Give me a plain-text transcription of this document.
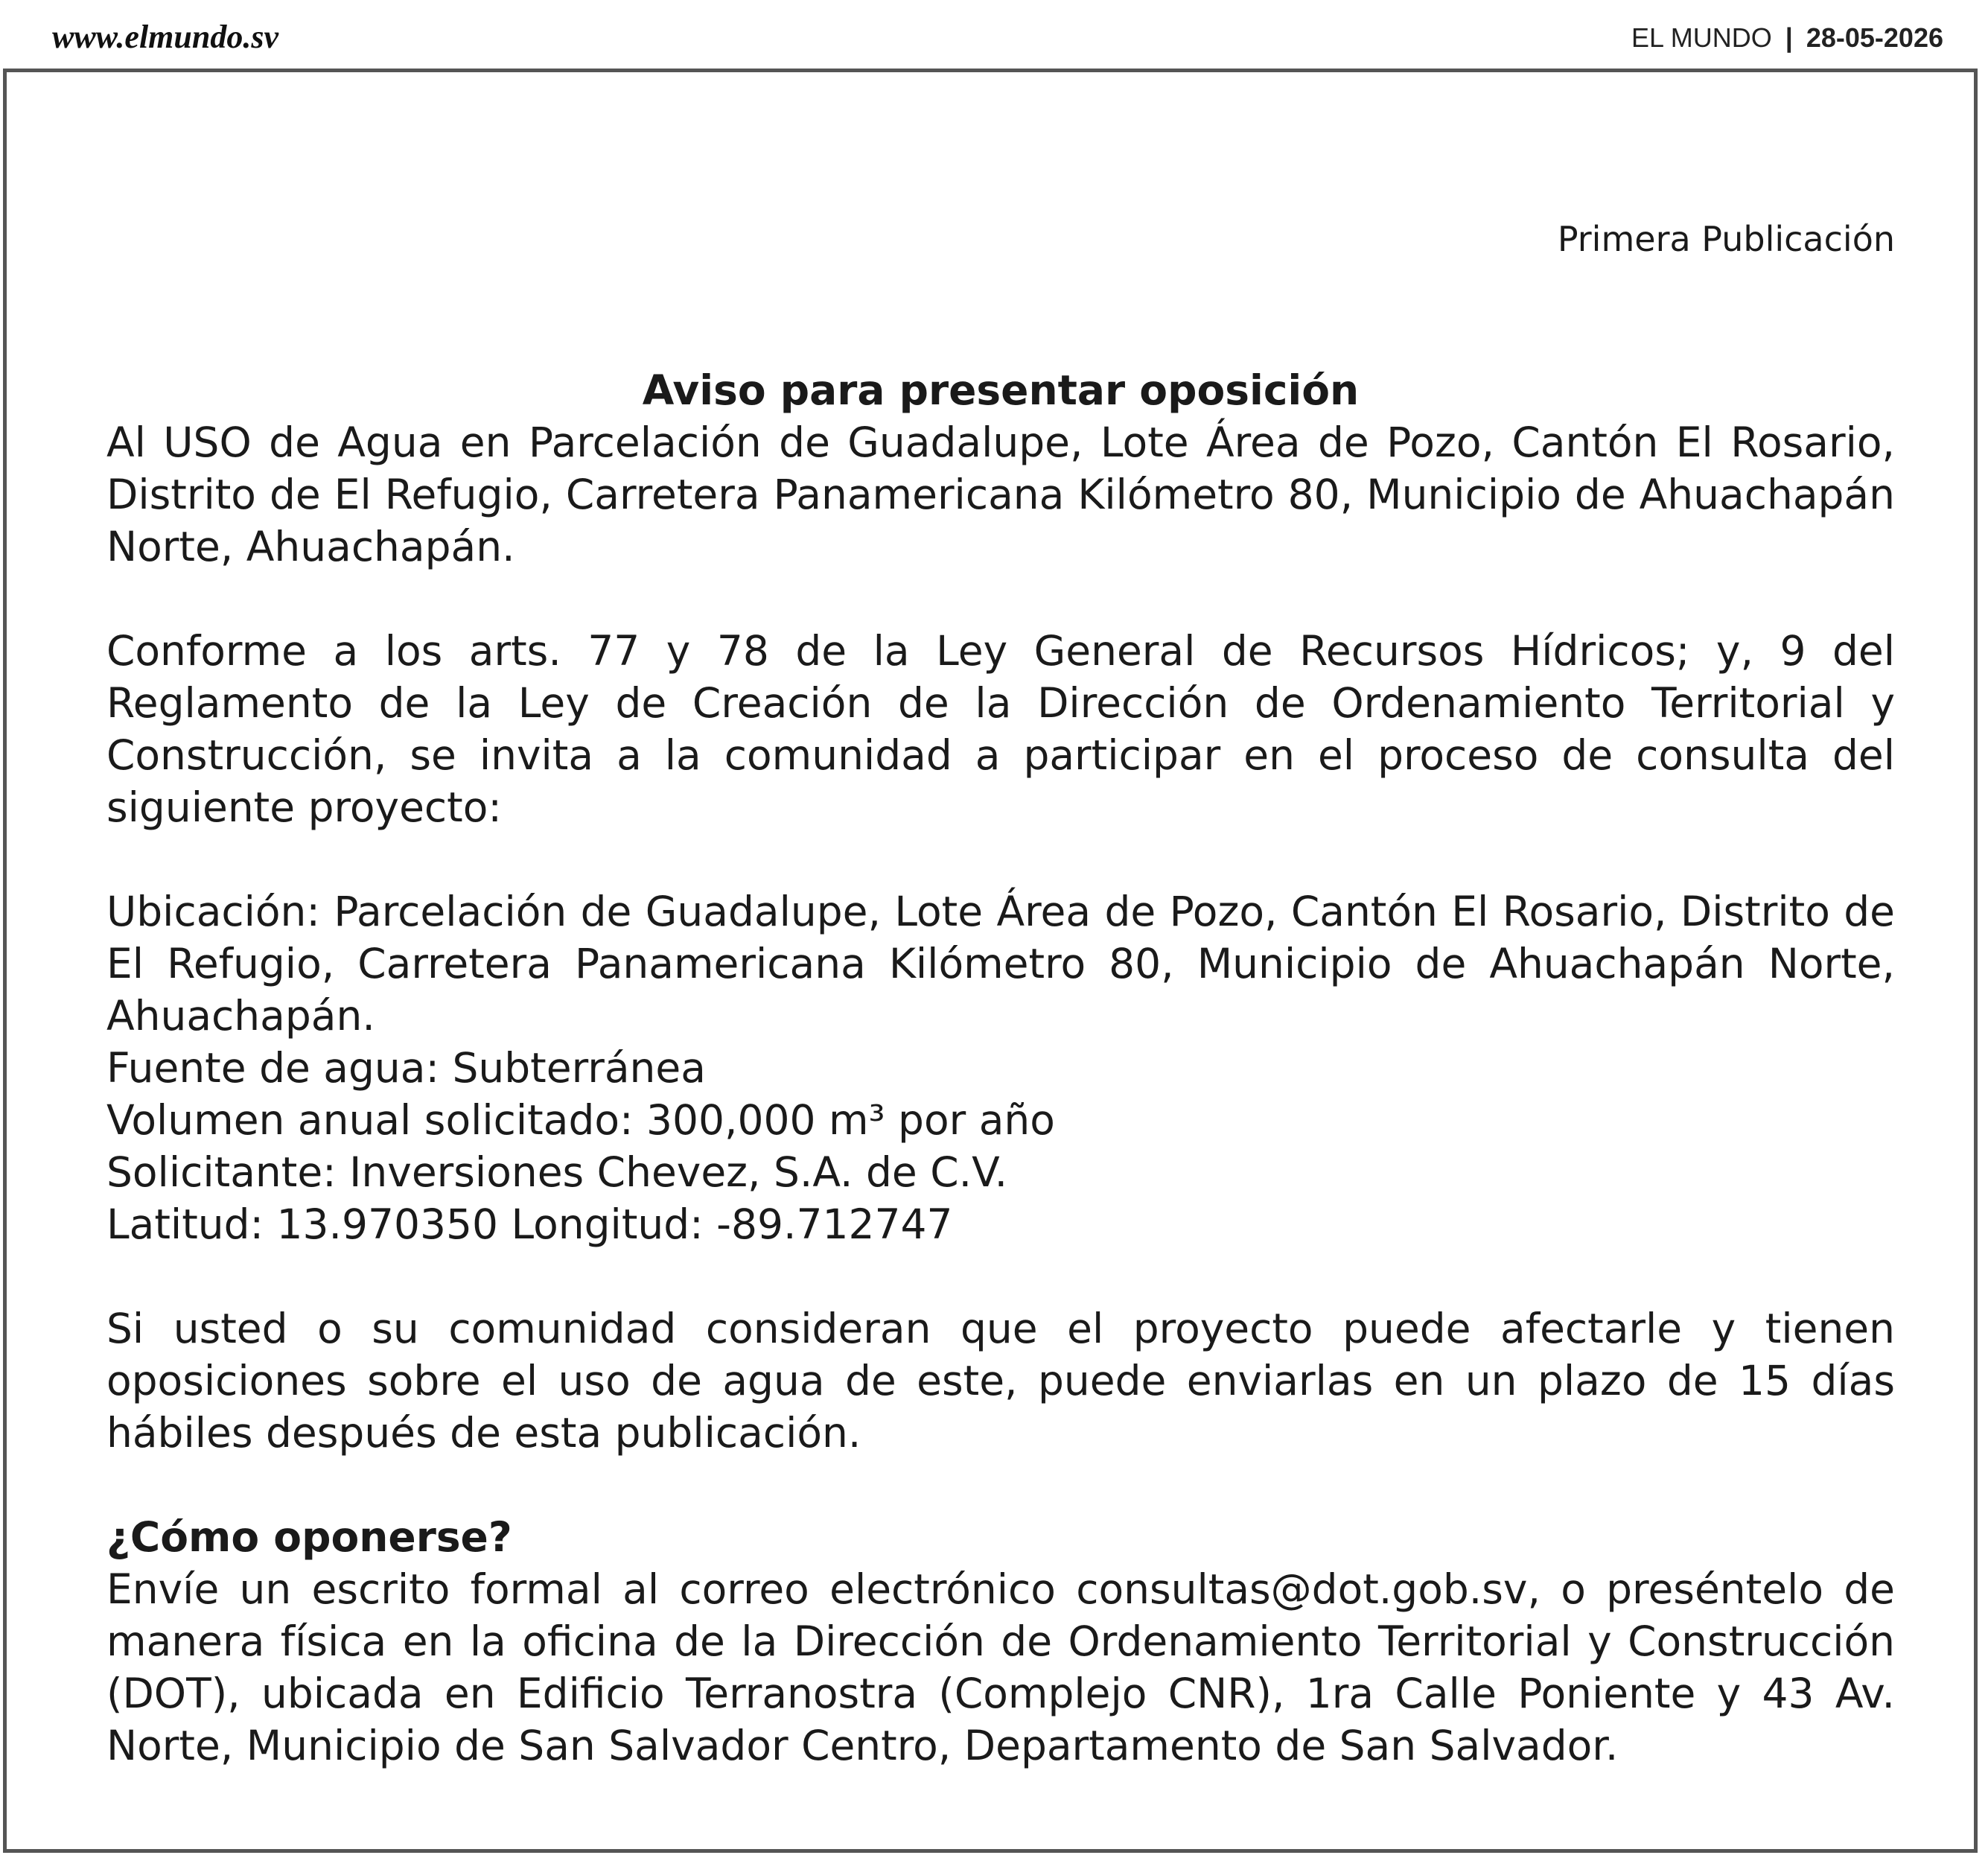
www.elmundo.sv	EL MUNDO | 28-05-2026
Primera Publicación

Aviso para presentar oposición

Al USO de Agua en Parcelación de Guadalupe, Lote Área de Pozo, Cantón El Rosario, Distrito de El Refugio, Carretera Panamericana Kilómetro 80, Municipio de Ahuachapán Norte, Ahuachapán.

Conforme a los arts. 77 y 78 de la Ley General de Recursos Hídricos; y, 9 del Reglamento de la Ley de Creación de la Dirección de Ordenamiento Territorial y Construcción, se invita a la comunidad a participar en el proceso de consulta del siguiente proyecto:

Ubicación: Parcelación de Guadalupe, Lote Área de Pozo, Cantón El Rosario, Distrito de El Refugio, Carretera Panamericana Kilómetro 80, Municipio de Ahuachapán Norte, Ahuachapán.

Fuente de agua: Subterránea

Volumen anual solicitado: 300,000 m³ por año

Solicitante: Inversiones Chevez, S.A. de C.V.

Latitud: 13.970350 Longitud: -89.712747

Si usted o su comunidad consideran que el proyecto puede afectarle y tienen oposiciones sobre el uso de agua de este, puede enviarlas en un plazo de 15 días hábiles después de esta publicación.

¿Cómo oponerse?

Envíe un escrito formal al correo electrónico consultas@dot.gob.sv, o preséntelo de manera física en la oficina de la Dirección de Ordenamiento Territorial y Construcción (DOT), ubicada en Edificio Terranostra (Complejo CNR), 1ra Calle Poniente y 43 Av. Norte, Municipio de San Salvador Centro, Departamento de San Salvador.
